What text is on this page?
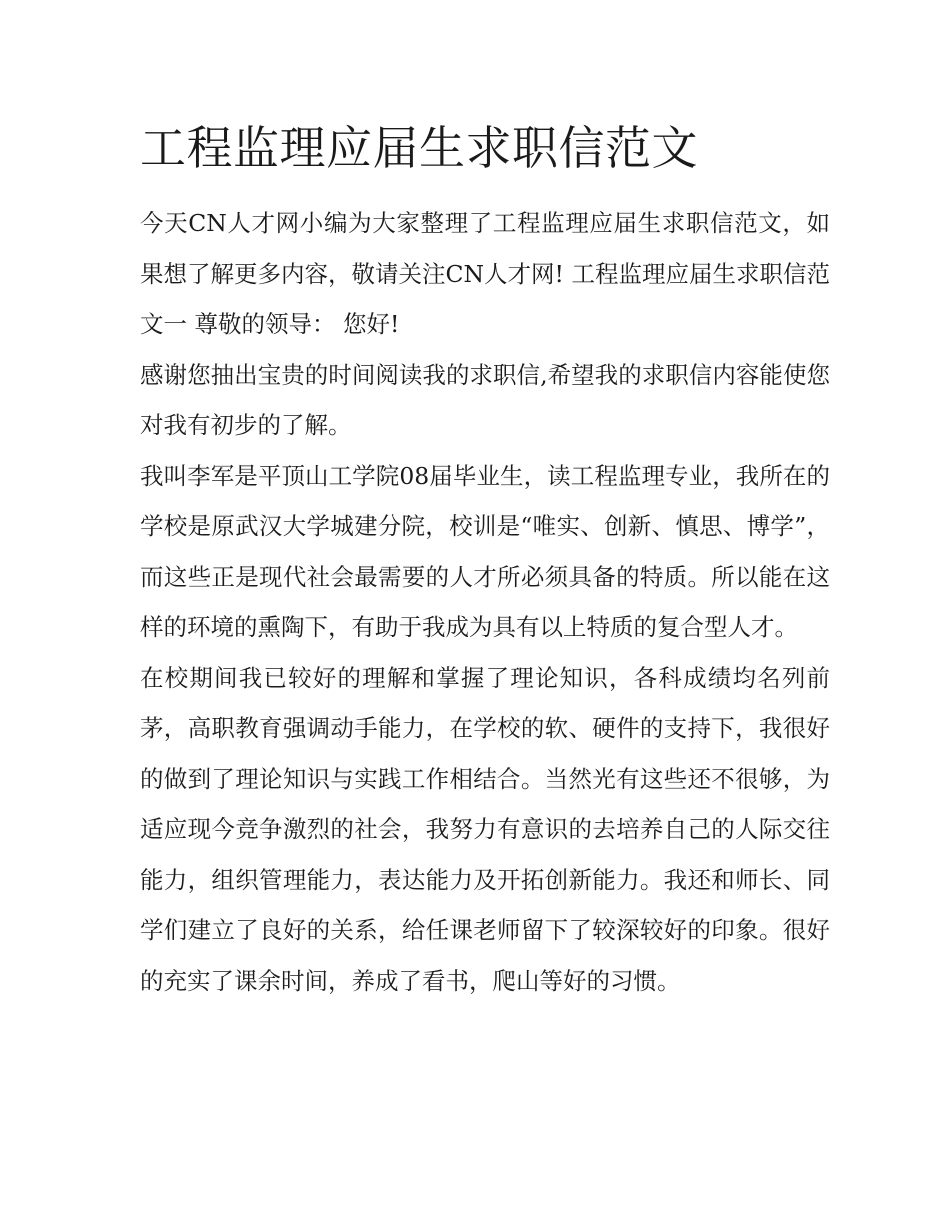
工程监理应届生求职信范文

今天CN人才网小编为大家整理了工程监理应届生求职信范文，如果想了解更多内容，敬请关注CN人才网! 工程监理应届生求职信范文一 尊敬的领导： 您好!

感谢您抽出宝贵的时间阅读我的求职信,希望我的求职信内容能使您对我有初步的了解。

我叫李军是平顶山工学院08届毕业生，读工程监理专业，我所在的学校是原武汉大学城建分院，校训是“唯实、创新、慎思、博学”，而这些正是现代社会最需要的人才所必须具备的特质。所以能在这样的环境的熏陶下，有助于我成为具有以上特质的复合型人才。

在校期间我已较好的理解和掌握了理论知识，各科成绩均名列前茅，高职教育强调动手能力，在学校的软、硬件的支持下，我很好的做到了理论知识与实践工作相结合。当然光有这些还不很够，为适应现今竞争激烈的社会，我努力有意识的去培养自己的人际交往能力，组织管理能力，表达能力及开拓创新能力。我还和师长、同学们建立了良好的关系，给任课老师留下了较深较好的印象。很好的充实了课余时间，养成了看书，爬山等好的习惯。
